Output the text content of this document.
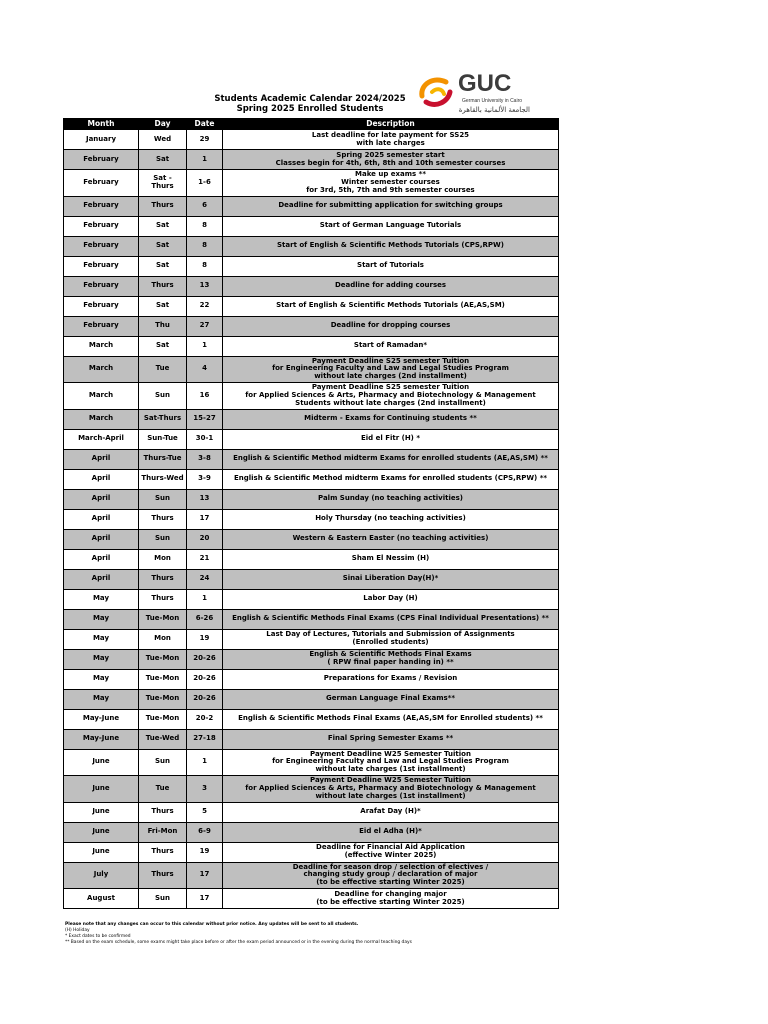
Students Academic Calendar 2024/2025
Spring 2025 Enrolled Students
GUC
German University in Cairo
الجامعة الألمانية بالقاهرة
Month	Day	Date	Description
January	Wed	29	Last deadline for late payment for SS25
with late charges
February	Sat	1	Spring 2025 semester start
Classes begin for 4th, 6th, 8th and 10th semester courses
February	Sat - Thurs	1-6	Make up exams **
Winter semester courses
for 3rd, 5th, 7th and 9th semester courses
February	Thurs	6	Deadline for submitting application for switching groups
February	Sat	8	Start of German Language Tutorials
February	Sat	8	Start of English & Scientific Methods Tutorials (CPS,RPW)
February	Sat	8	Start of Tutorials
February	Thurs	13	Deadline for adding courses
February	Sat	22	Start of English & Scientific Methods Tutorials (AE,AS,SM)
February	Thu	27	Deadline for dropping courses
March	Sat	1	Start of Ramadan*
March	Tue	4	Payment Deadline S25 semester Tuition
for Engineering Faculty and Law and Legal Studies Program
without late charges (2nd installment)
March	Sun	16	Payment Deadline S25 semester Tuition
for Applied Sciences & Arts, Pharmacy and Biotechnology & Management
Students without late charges (2nd installment)
March	Sat-Thurs	15-27	Midterm - Exams for Continuing students **
March-April	Sun-Tue	30-1	Eid el Fitr (H) *
April	Thurs-Tue	3-8	English & Scientific Method midterm Exams for enrolled students (AE,AS,SM) **
April	Thurs-Wed	3-9	English & Scientific Method midterm Exams for enrolled students (CPS,RPW) **
April	Sun	13	Palm Sunday (no teaching activities)
April	Thurs	17	Holy Thursday (no teaching activities)
April	Sun	20	Western & Eastern Easter (no teaching activities)
April	Mon	21	Sham El Nessim (H)
April	Thurs	24	Sinai Liberation Day(H)*
May	Thurs	1	Labor Day (H)
May	Tue-Mon	6-26	English & Scientific Methods Final Exams (CPS Final Individual Presentations) **
May	Mon	19	Last Day of Lectures, Tutorials and Submission of Assignments
(Enrolled students)
May	Tue-Mon	20-26	English & Scientific Methods Final Exams
( RPW final paper handing in) **
May	Tue-Mon	20-26	Preparations for Exams / Revision
May	Tue-Mon	20-26	German Language Final Exams**
May-June	Tue-Mon	20-2	English & Scientific Methods Final Exams (AE,AS,SM for Enrolled students) **
May-June	Tue-Wed	27-18	Final Spring Semester Exams **
June	Sun	1	Payment Deadline W25 Semester Tuition
for Engineering Faculty and Law and Legal Studies Program
without late charges (1st installment)
June	Tue	3	Payment Deadline W25 Semester Tuition
for Applied Sciences & Arts, Pharmacy and Biotechnology & Management
without late charges (1st installment)
June	Thurs	5	Arafat Day (H)*
June	Fri-Mon	6-9	Eid el Adha (H)*
June	Thurs	19	Deadline for Financial Aid Application
(effective Winter 2025)
July	Thurs	17	Deadline for season drop / selection of electives /
changing study group / declaration of major
(to be effective starting Winter 2025)
August	Sun	17	Deadline for changing major
(to be effective starting Winter 2025)
Please note that any changes can occur to this calendar without prior notice. Any updates will be sent to all students.
(H) Holiday
* Exact dates to be confirmed
** Based on the exam schedule, some exams might take place before or after the exam period announced or in the evening during the normal teaching days
